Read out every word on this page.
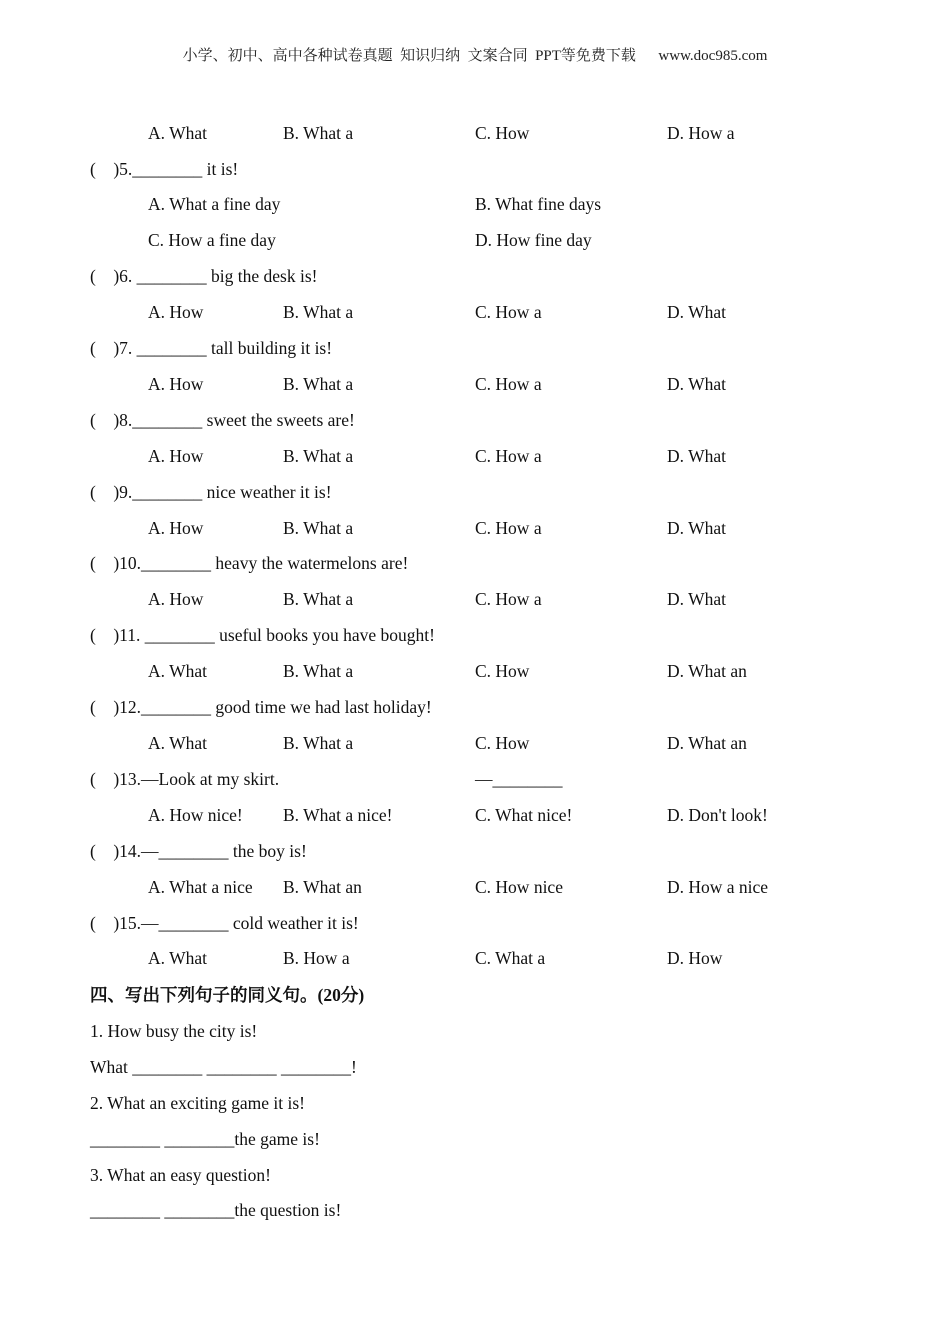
小学、初中、高中各种试卷真题  知识归纳  文案合同  PPT等免费下载      www.doc985.com
A. What	B. What a	C. How	D. How a
(    )5.________ it is!
A. What a fine day	B. What fine days
C. How a fine day	D. How fine day
(    )6. ________ big the desk is!
A. How	B. What a	C. How a	D. What
(    )7. ________ tall building it is!
A. How	B. What a	C. How a	D. What
(    )8.________ sweet the sweets are!
A. How	B. What a	C. How a	D. What
(    )9.________ nice weather it is!
A. How	B. What a	C. How a	D. What
(    )10.________ heavy the watermelons are!
A. How	B. What a	C. How a	D. What
(    )11. ________ useful books you have bought!
A. What	B. What a	C. How	D. What an
(    )12.________ good time we had last holiday!
A. What	B. What a	C. How	D. What an
(    )13.—Look at my skirt.	—________
A. How nice! B. What a nice!	C. What nice!	D. Don't look!
(    )14.—________ the boy is!
A. What a nice B. What an	C. How nice	D. How a nice
(    )15.—________ cold weather it is!
A. What	B. How a	C. What a	D. How
四、写出下列句子的同义句。(20分)
1. How busy the city is!
What ________ ________ ________!
2. What an exciting game it is!
________ ________the game is!
3. What an easy question!
________ ________the question is!
